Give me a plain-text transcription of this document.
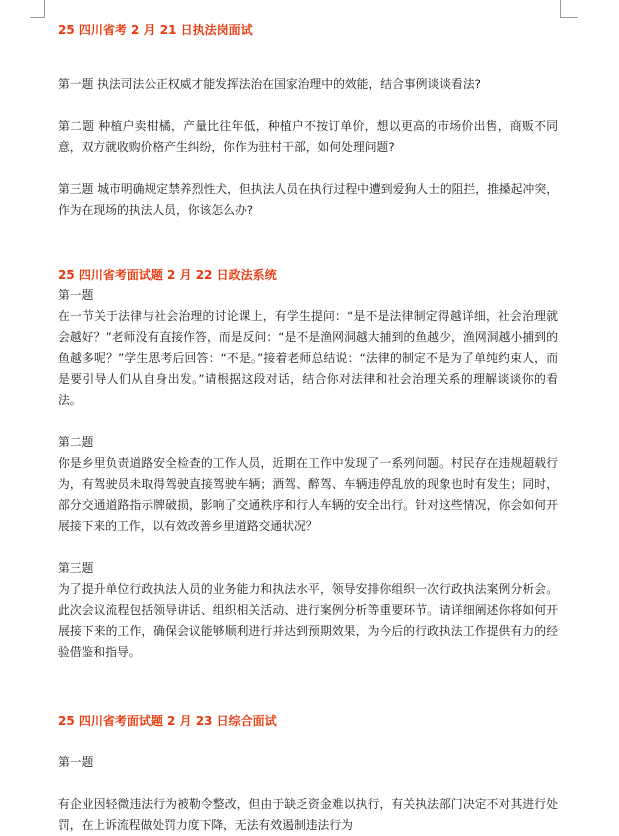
25 四川省考 2 月 21 日执法岗面试

第一题 执法司法公正权威才能发挥法治在国家治理中的效能，结合事例谈谈看法?

第二题 种植户卖柑橘，产量比往年低，种植户不按订单价，想以更高的市场价出售，商贩不同意，双方就收购价格产生纠纷，你作为驻村干部，如何处理问题?

第三题 城市明确规定禁养烈性犬，但执法人员在执行过程中遭到爱狗人士的阻拦，推搡起冲突，作为在现场的执法人员，你该怎么办?

25 四川省考面试题 2 月 22 日政法系统

第一题

在一节关于法律与社会治理的讨论课上，有学生提问：“是不是法律制定得越详细，社会治理就会越好？”老师没有直接作答，而是反问：“是不是渔网洞越大捕到的鱼越少，渔网洞越小捕到的鱼越多呢？”学生思考后回答：“不是。”接着老师总结说：“法律的制定不是为了单纯约束人，而是要引导人们从自身出发。”请根据这段对话，结合你对法律和社会治理关系的理解谈谈你的看法。

第二题

你是乡里负责道路安全检查的工作人员，近期在工作中发现了一系列问题。村民存在违规超载行为，有驾驶员未取得驾驶直接驾驶车辆；酒驾、醉驾、车辆违停乱放的现象也时有发生；同时，部分交通道路指示牌破损，影响了交通秩序和行人车辆的安全出行。针对这些情况，你会如何开展接下来的工作，以有效改善乡里道路交通状况？

第三题

为了提升单位行政执法人员的业务能力和执法水平，领导安排你组织一次行政执法案例分析会。此次会议流程包括领导讲话、组织相关活动、进行案例分析等重要环节。请详细阐述你将如何开展接下来的工作，确保会议能够顺利进行并达到预期效果，为今后的行政执法工作提供有力的经验借鉴和指导。

25 四川省考面试题 2 月 23 日综合面试

第一题

有企业因轻微违法行为被勒令整改，但由于缺乏资金难以执行，有关执法部门决定不对其进行处罚，在上诉流程做处罚力度下降，无法有效遏制违法行为
